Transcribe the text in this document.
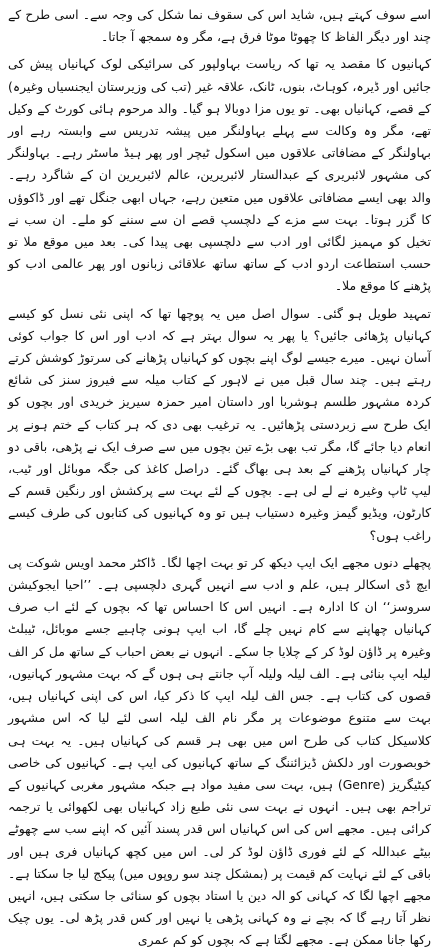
اسے سوف کہتے ہیں، شاید اس کی سقوف نما شکل کی وجہ سے۔ اسی طرح کے چند اور دیگر الفاظ کا چھوٹا موٹا فرق ہے، مگر وہ سمجھ آ جاتا۔

کہانیوں کا مقصد یہ تھا کہ ریاست بہاولپور کی سرائیکی لوک کہانیاں پیش کی جائیں اور ڈیرہ، کوہاٹ، بنوں، ٹانک، علاقہ غیر (تب کی وزیرستان ایجنسیاں وغیرہ) کے قصے، کہانیاں بھی۔ تو یوں مزا دوبالا ہو گیا۔ والد مرحوم ہائی کورٹ کے وکیل تھے، مگر وہ وکالت سے پہلے بہاولنگر میں پیشہ تدریس سے وابستہ رہے اور بہاولنگر کے مضافاتی علاقوں میں اسکول ٹیچر اور پھر ہیڈ ماسٹر رہے۔ بہاولنگر کی مشہور لائبریری کے عبدالستار لائبریرین، عالم لائبریرین ان کے شاگرد رہے۔ والد بھی ایسے مضافاتی علاقوں میں متعین رہے، جہاں ابھی جنگل تھے اور ڈاکوؤں کا گزر ہوتا۔ بہت سے مزے کے دلچسپ قصے ان سے سننے کو ملے۔ ان سب نے تخیل کو مہمیز لگائی اور ادب سے دلچسپی بھی پیدا کی۔ بعد میں موقع ملا تو حسب استطاعت اردو ادب کے ساتھ ساتھ علاقائی زبانوں اور پھر عالمی ادب کو پڑھنے کا موقع ملا۔

تمہید طویل ہو گئی۔ سوال اصل میں یہ پوچھا تھا کہ اپنی نئی نسل کو کیسے کہانیاں پڑھائی جائیں؟ یا پھر یہ سوال بہتر ہے کہ ادب اور اس کا جواب کوئی آسان نہیں۔ میرے جیسے لوگ اپنے بچوں کو کہانیاں پڑھانے کی سرتوڑ کوشش کرتے رہتے ہیں۔ چند سال قبل میں نے لاہور کے کتاب میلہ سے فیروز سنز کی شائع کردہ مشہور طلسم ہوشربا اور داستان امیر حمزہ سیریز خریدی اور بچوں کو ایک طرح سے زبردستی پڑھائیں۔ یہ ترغیب بھی دی کہ ہر کتاب کے ختم ہونے پر انعام دیا جائے گا، مگر تب بھی بڑے تین بچوں میں سے صرف ایک نے پڑھی، باقی دو چار کہانیاں پڑھنے کے بعد ہی بھاگ گئے۔ دراصل کاغذ کی جگہ موبائل اور ٹیب، لیپ ٹاپ وغیرہ نے لے لی ہے۔ بچوں کے لئے بہت سے پرکشش اور رنگین قسم کے کارٹون، ویڈیو گیمز وغیرہ دستیاب ہیں تو وہ کہانیوں کی کتابوں کی طرف کیسے راغب ہوں؟

پچھلے دنوں مجھے ایک ایپ دیکھ کر تو بہت اچھا لگا۔ ڈاکٹر محمد اویس شوکت پی ایچ ڈی اسکالر ہیں، علم و ادب سے انہیں گہری دلچسپی ہے۔ ’’احیا ایجوکیشن سروسز‘‘ ان کا ادارہ ہے۔ انہیں اس کا احساس تھا کہ بچوں کے لئے اب صرف کہانیاں چھاپنے سے کام نہیں چلے گا، اب ایپ ہونی چاہیے جسے موبائل، ٹیبلٹ وغیرہ پر ڈاؤن لوڈ کر کے چلایا جا سکے۔ انہوں نے بعض احباب کے ساتھ مل کر الف لیلہ ایپ بنائی ہے۔ الف لیلہ ولیلہ آپ جانتے ہی ہوں گے کہ بہت مشہور کہانیوں، قصوں کی کتاب ہے۔ جس الف لیلہ ایپ کا ذکر کیا، اس کی اپنی کہانیاں ہیں، بہت سے متنوع موضوعات پر مگر نام الف لیلہ اسی لئے لیا کہ اس مشہور کلاسیکل کتاب کی طرح اس میں بھی ہر قسم کی کہانیاں ہیں۔ یہ بہت ہی خوبصورت اور دلکش ڈیزائننگ کے ساتھ کہانیوں کی ایپ ہے۔ کہانیوں کی خاصی کیٹیگریز (Genre) ہیں، بہت سی مفید مواد ہے جبکہ مشہور مغربی کہانیوں کے تراجم بھی ہیں۔ انہوں نے بہت سی نئی طبع زاد کہانیاں بھی لکھوائی یا ترجمہ کرائی ہیں۔ مجھے اس کی اس کہانیاں اس قدر پسند آئیں کہ اپنے سب سے چھوٹے بیٹے عبداللہ کے لئے فوری ڈاؤن لوڈ کر لی۔ اس میں کچھ کہانیاں فری ہیں اور باقی کے لئے نہایت کم قیمت پر (بمشکل چند سو روپوں میں) پیکج لیا جا سکتا ہے۔ مجھے اچھا لگا کہ کہانی کو الہ دین یا استاد بچوں کو سنائی جا سکتی ہیں، انہیں نظر آتا رہے گا کہ بچے نے وہ کہانی پڑھی یا نہیں اور کس قدر پڑھ لی۔ یوں چیک رکھا جانا ممکن ہے۔ مجھے لگتا ہے کہ بچوں کو کم عمری
